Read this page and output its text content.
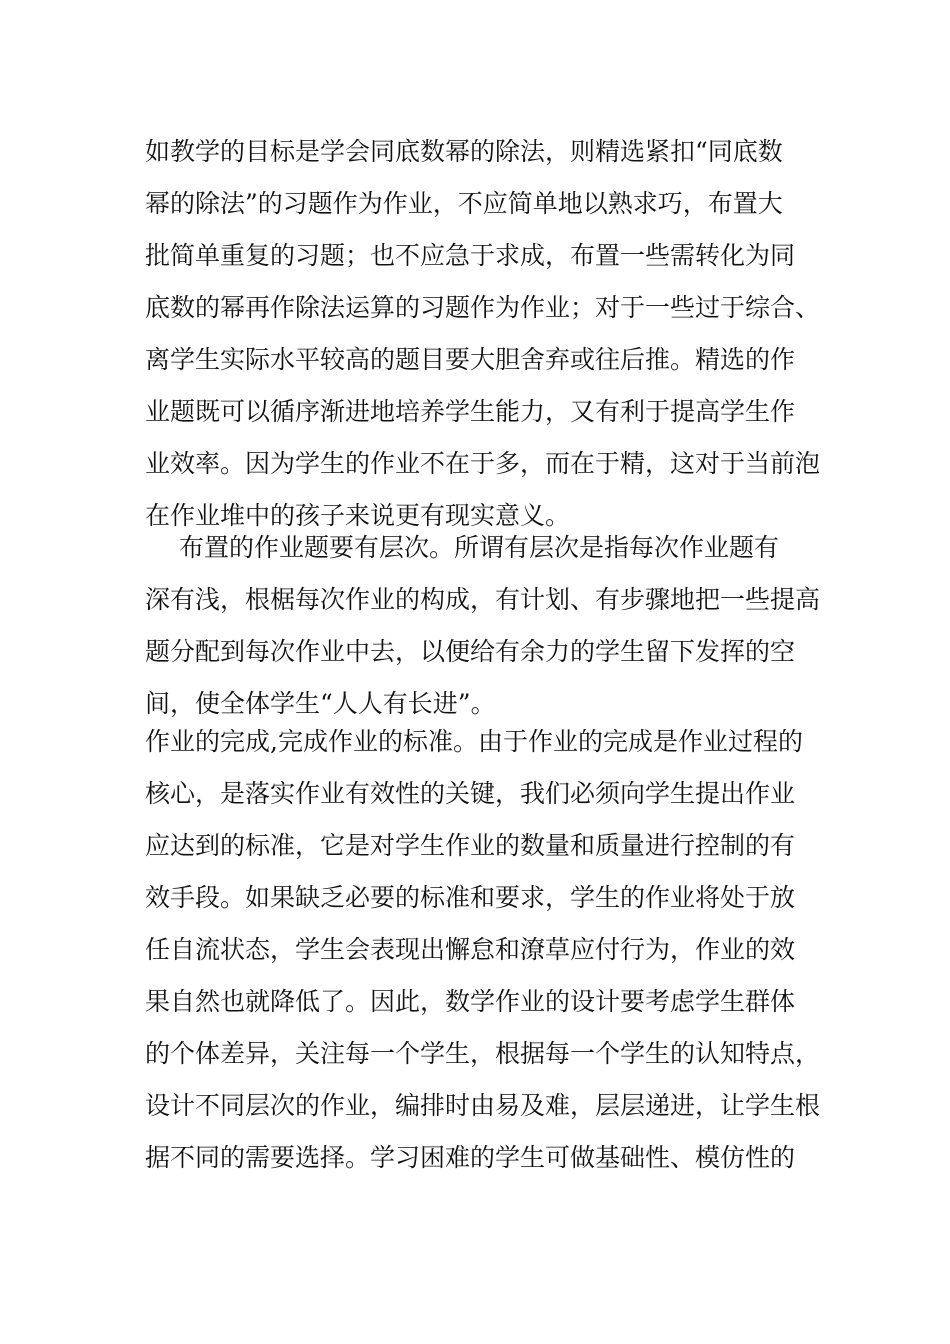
如教学的目标是学会同底数幂的除法，则精选紧扣“同底数
幂的除法”的习题作为作业，不应简单地以熟求巧，布置大
批简单重复的习题；也不应急于求成，布置一些需转化为同
底数的幂再作除法运算的习题作为作业；对于一些过于综合、
离学生实际水平较高的题目要大胆舍弃或往后推。精选的作
业题既可以循序渐进地培养学生能力，又有利于提高学生作
业效率。因为学生的作业不在于多，而在于精，这对于当前泡
在作业堆中的孩子来说更有现实意义。
布置的作业题要有层次。所谓有层次是指每次作业题有
深有浅，根椐每次作业的构成，有计划、有步骤地把一些提高
题分配到每次作业中去，以便给有余力的学生留下发挥的空
间，使全体学生“人人有长进”。
作业的完成,完成作业的标准。由于作业的完成是作业过程的
核心，是落实作业有效性的关键，我们必须向学生提出作业
应达到的标准，它是对学生作业的数量和质量进行控制的有
效手段。如果缺乏必要的标准和要求，学生的作业将处于放
任自流状态，学生会表现出懈怠和潦草应付行为，作业的效
果自然也就降低了。因此，数学作业的设计要考虑学生群体
的个体差异，关注每一个学生，根据每一个学生的认知特点，
设计不同层次的作业，编排时由易及难，层层递进，让学生根
据不同的需要选择。学习困难的学生可做基础性、模仿性的
